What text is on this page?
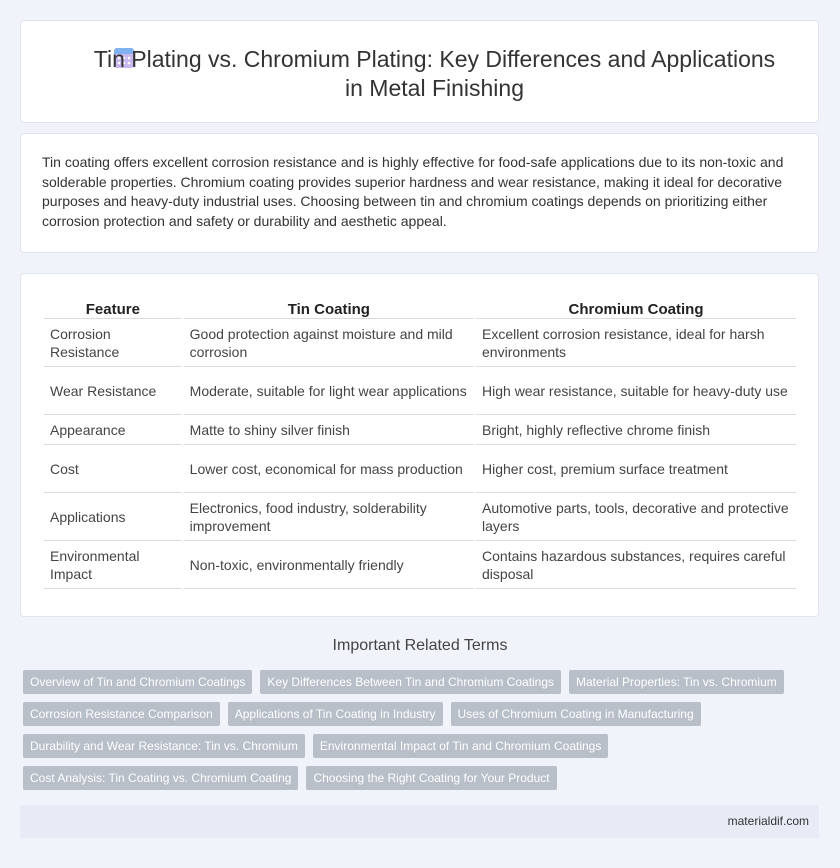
Tin Plating vs. Chromium Plating: Key Differences and Applications in Metal Finishing

Tin coating offers excellent corrosion resistance and is highly effective for food-safe applications due to its non-toxic and solderable properties. Chromium coating provides superior hardness and wear resistance, making it ideal for decorative purposes and heavy-duty industrial uses. Choosing between tin and chromium coatings depends on prioritizing either corrosion protection and safety or durability and aesthetic appeal.

Feature	Tin Coating	Chromium Coating
Corrosion Resistance	Good protection against moisture and mild corrosion	Excellent corrosion resistance, ideal for harsh environments
Wear Resistance	Moderate, suitable for light wear applications	High wear resistance, suitable for heavy-duty use
Appearance	Matte to shiny silver finish	Bright, highly reflective chrome finish
Cost	Lower cost, economical for mass production	Higher cost, premium surface treatment
Applications	Electronics, food industry, solderability improvement	Automotive parts, tools, decorative and protective layers
Environmental Impact	Non-toxic, environmentally friendly	Contains hazardous substances, requires careful disposal
Important Related Terms
Overview of Tin and Chromium Coatings	Key Differences Between Tin and Chromium Coatings	Material Properties: Tin vs. Chromium
Corrosion Resistance Comparison	Applications of Tin Coating in Industry	Uses of Chromium Coating in Manufacturing
Durability and Wear Resistance: Tin vs. Chromium	Environmental Impact of Tin and Chromium Coatings
Cost Analysis: Tin Coating vs. Chromium Coating	Choosing the Right Coating for Your Product
materialdif.com
